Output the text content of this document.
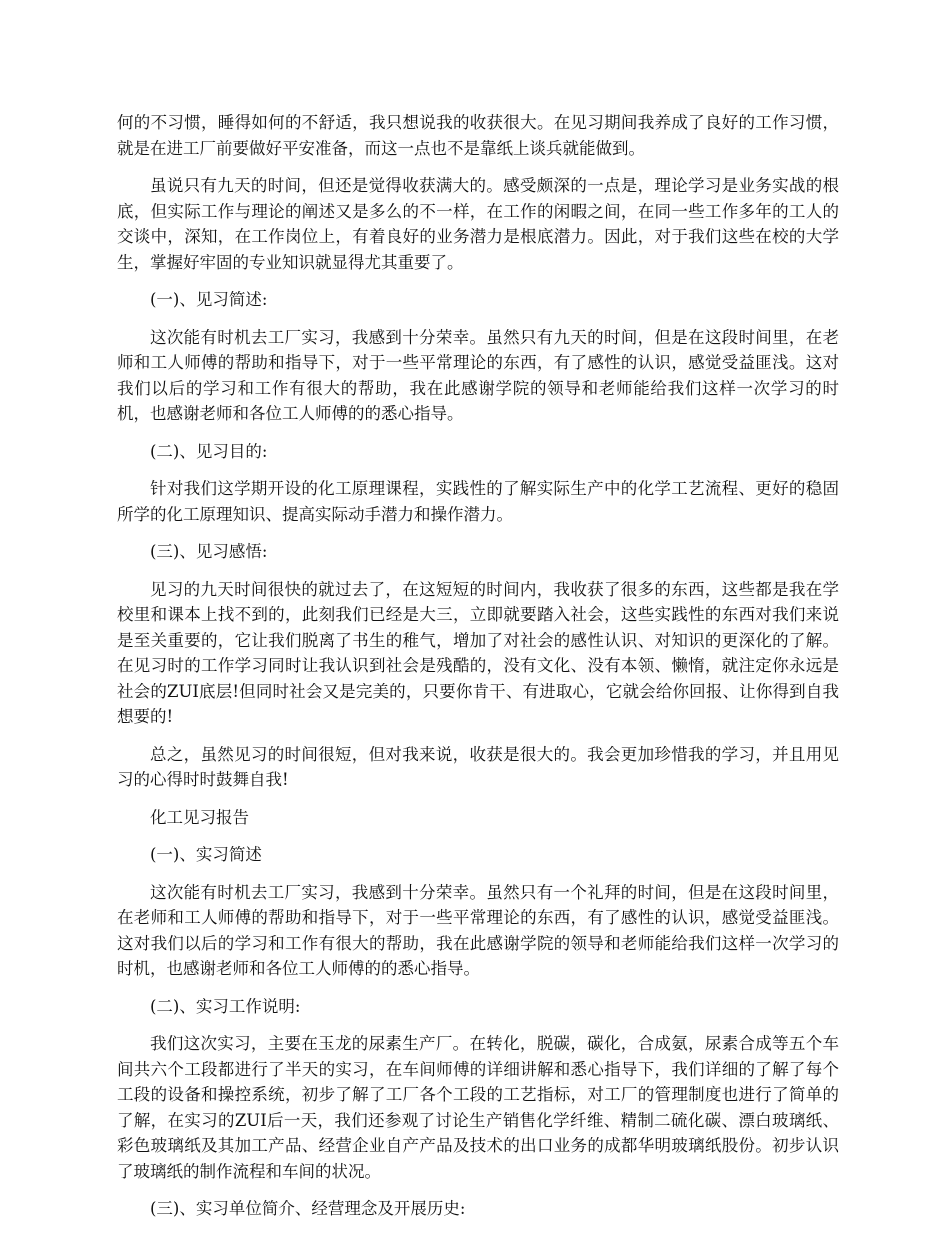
何的不习惯，睡得如何的不舒适，我只想说我的收获很大。在见习期间我养成了良好的工作习惯，就是在进工厂前要做好平安准备，而这一点也不是靠纸上谈兵就能做到。

虽说只有九天的时间，但还是觉得收获满大的。感受颇深的一点是，理论学习是业务实战的根底，但实际工作与理论的阐述又是多么的不一样，在工作的闲暇之间，在同一些工作多年的工人的交谈中，深知，在工作岗位上，有着良好的业务潜力是根底潜力。因此，对于我们这些在校的大学生，掌握好牢固的专业知识就显得尤其重要了。

(一)、见习简述:

这次能有时机去工厂实习，我感到十分荣幸。虽然只有九天的时间，但是在这段时间里，在老师和工人师傅的帮助和指导下，对于一些平常理论的东西，有了感性的认识，感觉受益匪浅。这对我们以后的学习和工作有很大的帮助，我在此感谢学院的领导和老师能给我们这样一次学习的时机，也感谢老师和各位工人师傅的的悉心指导。

(二)、见习目的:

针对我们这学期开设的化工原理课程，实践性的了解实际生产中的化学工艺流程、更好的稳固所学的化工原理知识、提高实际动手潜力和操作潜力。

(三)、见习感悟:

见习的九天时间很快的就过去了，在这短短的时间内，我收获了很多的东西，这些都是我在学校里和课本上找不到的，此刻我们已经是大三，立即就要踏入社会，这些实践性的东西对我们来说是至关重要的，它让我们脱离了书生的稚气，增加了对社会的感性认识、对知识的更深化的了解。在见习时的工作学习同时让我认识到社会是残酷的，没有文化、没有本领、懒惰，就注定你永远是社会的ZUI底层!但同时社会又是完美的，只要你肯干、有进取心，它就会给你回报、让你得到自我想要的!

总之，虽然见习的时间很短，但对我来说，收获是很大的。我会更加珍惜我的学习，并且用见习的心得时时鼓舞自我!

化工见习报告

(一)、实习简述

这次能有时机去工厂实习，我感到十分荣幸。虽然只有一个礼拜的时间，但是在这段时间里，在老师和工人师傅的帮助和指导下，对于一些平常理论的东西，有了感性的认识，感觉受益匪浅。这对我们以后的学习和工作有很大的帮助，我在此感谢学院的领导和老师能给我们这样一次学习的时机，也感谢老师和各位工人师傅的的悉心指导。

(二)、实习工作说明:

我们这次实习，主要在玉龙的尿素生产厂。在转化，脱碳，碳化，合成氨，尿素合成等五个车间共六个工段都进行了半天的实习，在车间师傅的详细讲解和悉心指导下，我们详细的了解了每个工段的设备和操控系统，初步了解了工厂各个工段的工艺指标，对工厂的管理制度也进行了简单的了解，在实习的ZUI后一天，我们还参观了讨论生产销售化学纤维、精制二硫化碳、漂白玻璃纸、彩色玻璃纸及其加工产品、经营企业自产产品及技术的出口业务的成都华明玻璃纸股份。初步认识了玻璃纸的制作流程和车间的状况。

(三)、实习单位简介、经营理念及开展历史:
